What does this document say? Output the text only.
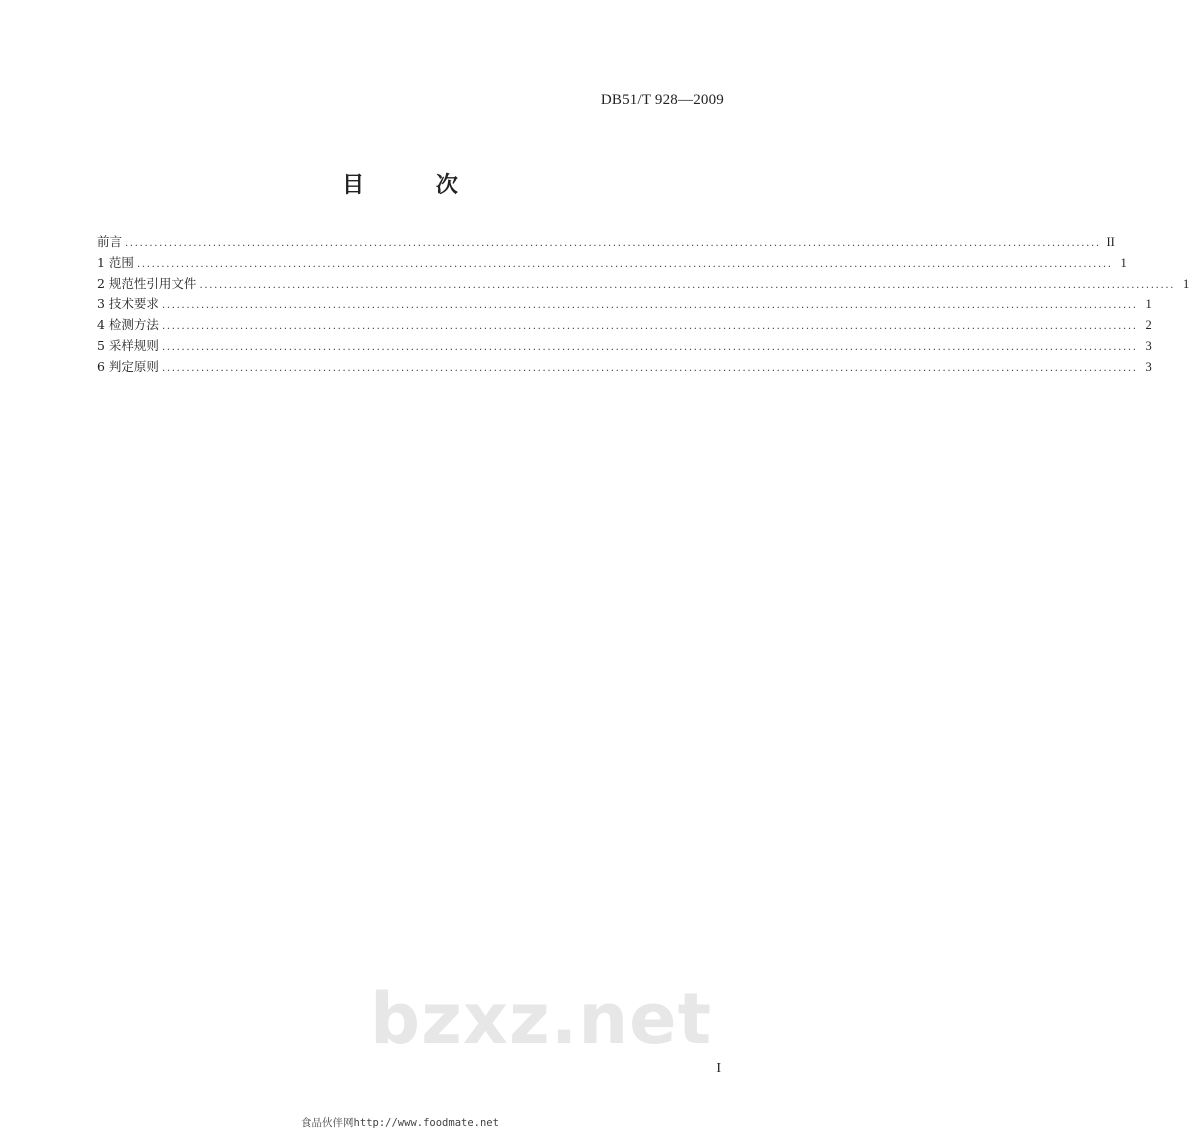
DB51/T 928—2009
目 次
前言 ........................................................................................................................................................................................................ II
1 范围 ........................................................................................................................................................................................................ 1
2 规范性引用文件 ........................................................................................................................................................................................................ 1
3 技术要求 ........................................................................................................................................................................................................ 1
4 检测方法 ........................................................................................................................................................................................................ 2
5 采样规则 ........................................................................................................................................................................................................ 3
6 判定原则 ........................................................................................................................................................................................................ 3
bzxz.net
I
食品伙伴网http://www.foodmate.net
